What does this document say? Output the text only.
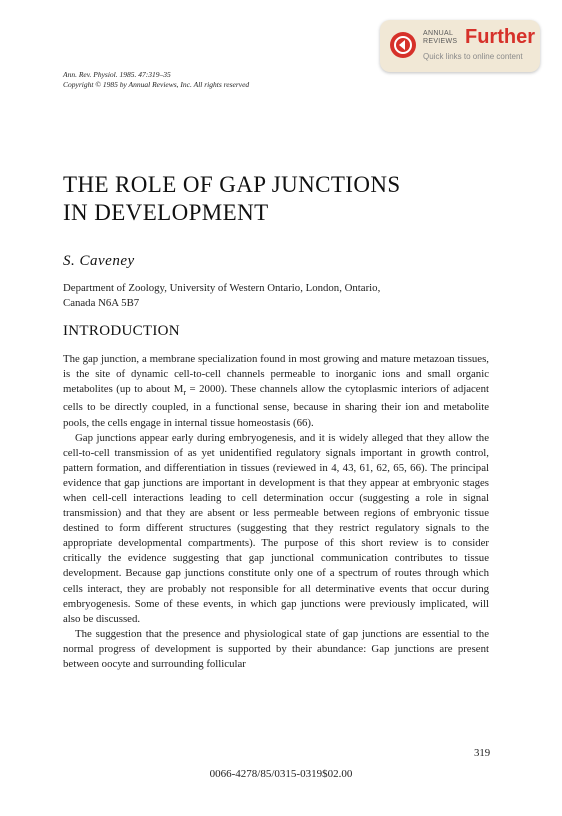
ANNUAL
REVIEWS Further
Quick links to online content
Ann. Rev. Physiol. 1985. 47:319–35
Copyright © 1985 by Annual Reviews, Inc. All rights reserved
THE ROLE OF GAP JUNCTIONS
IN DEVELOPMENT
S. Caveney
Department of Zoology, University of Western Ontario, London, Ontario,
Canada N6A 5B7
INTRODUCTION

The gap junction, a membrane specialization found in most growing and mature metazoan tissues, is the site of dynamic cell-to-cell channels permeable to inorganic ions and small organic metabolites (up to about $M_r = 2000$). These channels allow the cytoplasmic interiors of adjacent cells to be directly coupled, in a functional sense, because in sharing their ion and metabolite pools, the cells engage in internal tissue homeostasis (66).

Gap junctions appear early during embryogenesis, and it is widely alleged that they allow the cell-to-cell transmission of as yet unidentified regulatory signals important in growth control, pattern formation, and differentiation in tissues (reviewed in 4, 43, 61, 62, 65, 66). The principal evidence that gap junctions are important in development is that they appear at embryonic stages when cell-cell interactions leading to cell determination occur (suggesting a role in signal transmission) and that they are absent or less permeable between regions of embryonic tissue destined to form different structures (suggesting that they restrict regulatory signals to the appropriate developmental compartments). The purpose of this short review is to consider critically the evidence suggesting that gap junctional communication contributes to tissue development. Because gap junctions constitute only one of a spectrum of routes through which cells interact, they are probably not responsible for all determinative events that occur during embryogenesis. Some of these events, in which gap junctions were previously implicated, will also be discussed.

The suggestion that the presence and physiological state of gap junctions are essential to the normal progress of development is supported by their abundance: Gap junctions are present between oocyte and surrounding follicular

319
0066-4278/85/0315-0319$02.00
